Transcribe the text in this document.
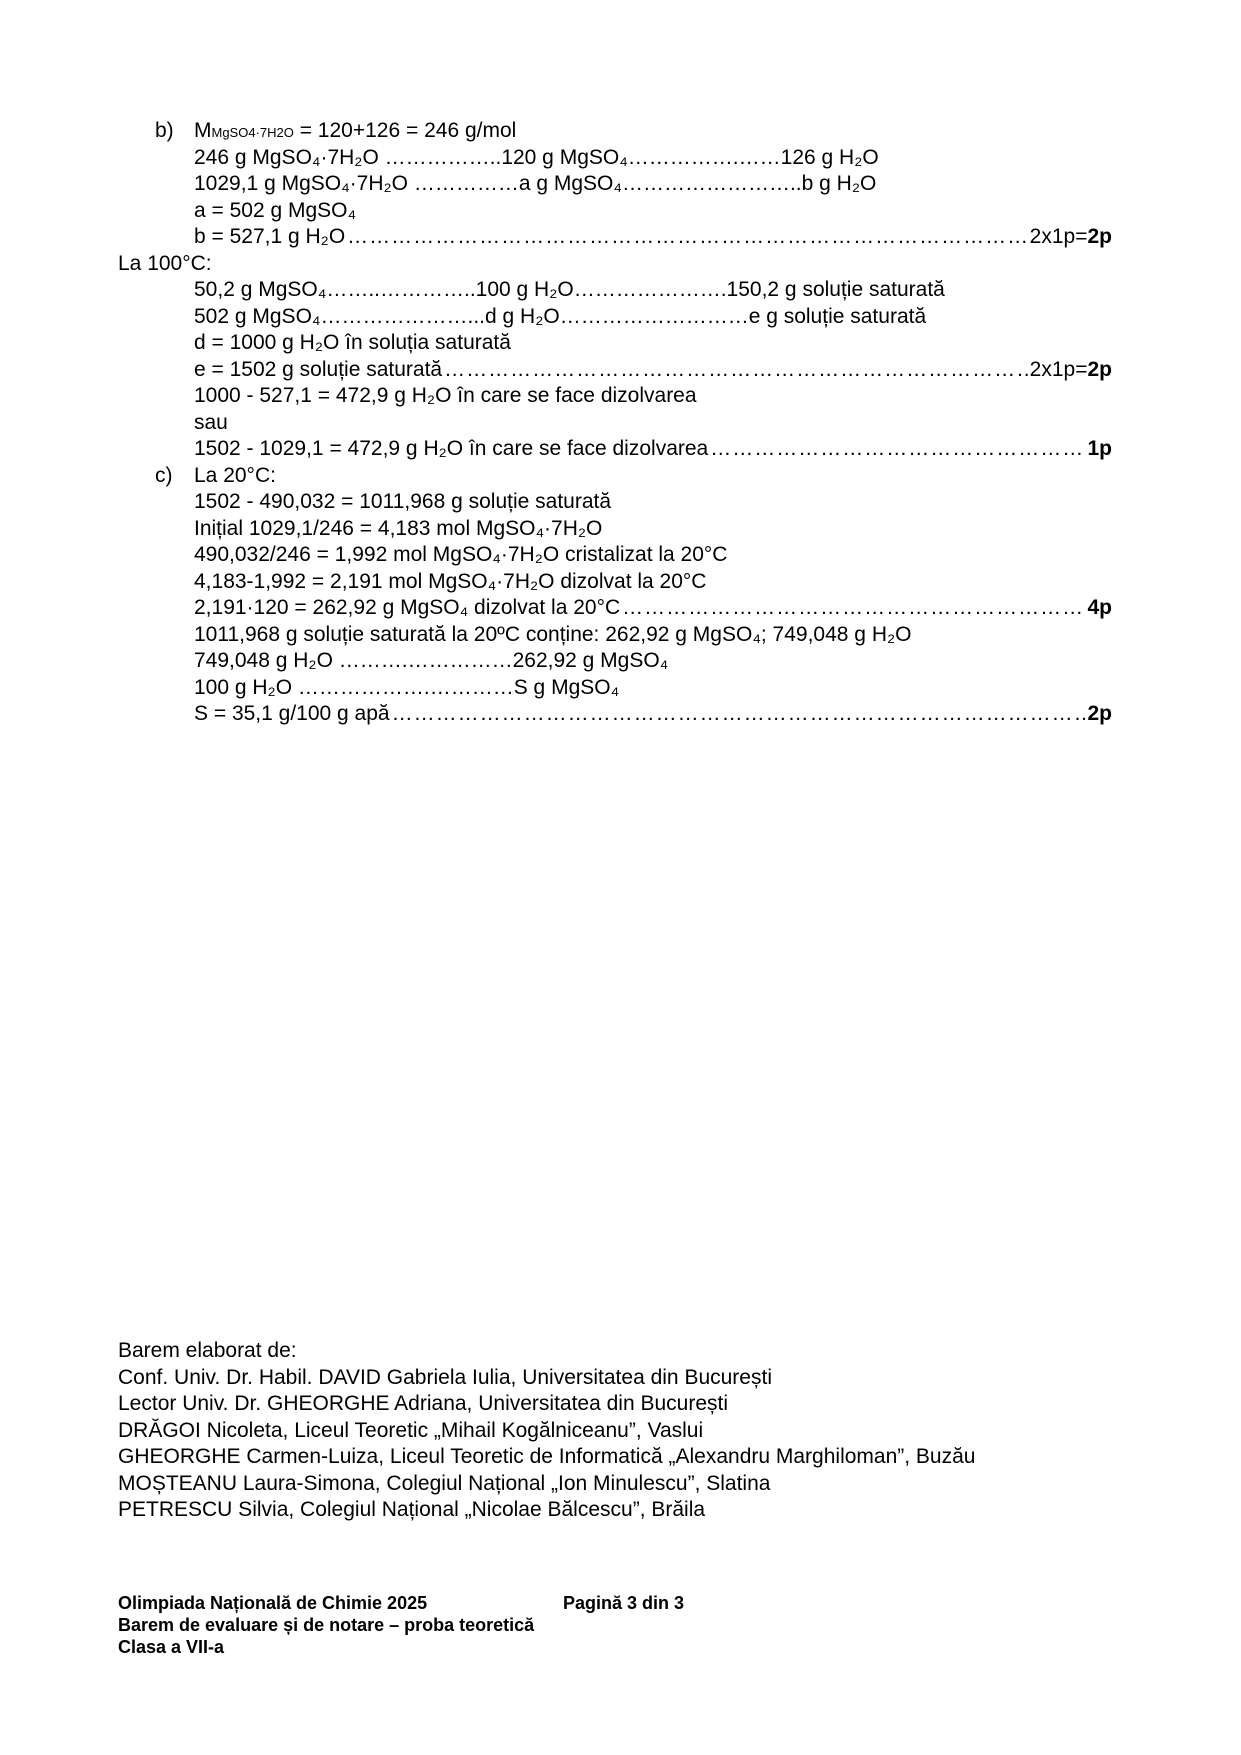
b) MMgSO4·7H2O = 120+126 = 246 g/mol
246 g MgSO₄·7H₂O ……………..120 g MgSO₄…………….……126 g H₂O
1029,1 g MgSO₄·7H₂O ……………a g MgSO₄……………………..b g H₂O
a = 502 g MgSO₄
b = 527,1 g H₂O ……………………………………………………………………………………………………………………………………………………………………………………………………………	2x1p=2p
La 100°C:
50,2 g MgSO₄……..…………..100 g H₂O………………….150,2 g soluție saturată
502 g MgSO₄…………………...d g H₂O………………………e g soluție saturată
d = 1000 g H₂O în soluția saturată
e = 1502 g soluție saturată ……………………………………………………………………………………………………………………………………………………………………………………………………………	2x1p=2p
1000 - 527,1 = 472,9 g H₂O în care se face dizolvarea
sau
1502 - 1029,1 = 472,9 g H₂O în care se face dizolvarea ……………………………………………………………………………………………………………………………………………………………………………………………………………	1p
c) La 20°C:
1502 - 490,032 = 1011,968 g soluție saturată
Inițial 1029,1/246 = 4,183 mol MgSO₄·7H₂O
490,032/246 = 1,992 mol MgSO₄·7H₂O cristalizat la 20°C
4,183-1,992 = 2,191 mol MgSO₄·7H₂O dizolvat la 20°C
2,191·120 = 262,92 g MgSO₄ dizolvat la 20°C ……………………………………………………………………………………………………………………………………………………………………………………………………………	4p
1011,968 g soluție saturată la 20ºC conține: 262,92 g MgSO₄; 749,048 g H₂O
749,048 g H₂O ……….……………262,92 g MgSO₄
100 g H₂O ……………….…………S g MgSO₄
S = 35,1 g/100 g apă ……………………………………………………………………………………………………………………………………………………………………………………………………………	2p
Barem elaborat de:
Conf. Univ. Dr. Habil. DAVID Gabriela Iulia, Universitatea din București
Lector Univ. Dr. GHEORGHE Adriana, Universitatea din București
DRĂGOI Nicoleta, Liceul Teoretic „Mihail Kogălniceanu”, Vaslui
GHEORGHE Carmen-Luiza, Liceul Teoretic de Informatică „Alexandru Marghiloman”, Buzău
MOȘTEANU Laura-Simona, Colegiul Național „Ion Minulescu”, Slatina
PETRESCU Silvia, Colegiul Național „Nicolae Bălcescu”, Brăila
Olimpiada Națională de Chimie 2025	Pagină 3 din 3
Barem de evaluare și de notare – proba teoretică
Clasa a VII-a
